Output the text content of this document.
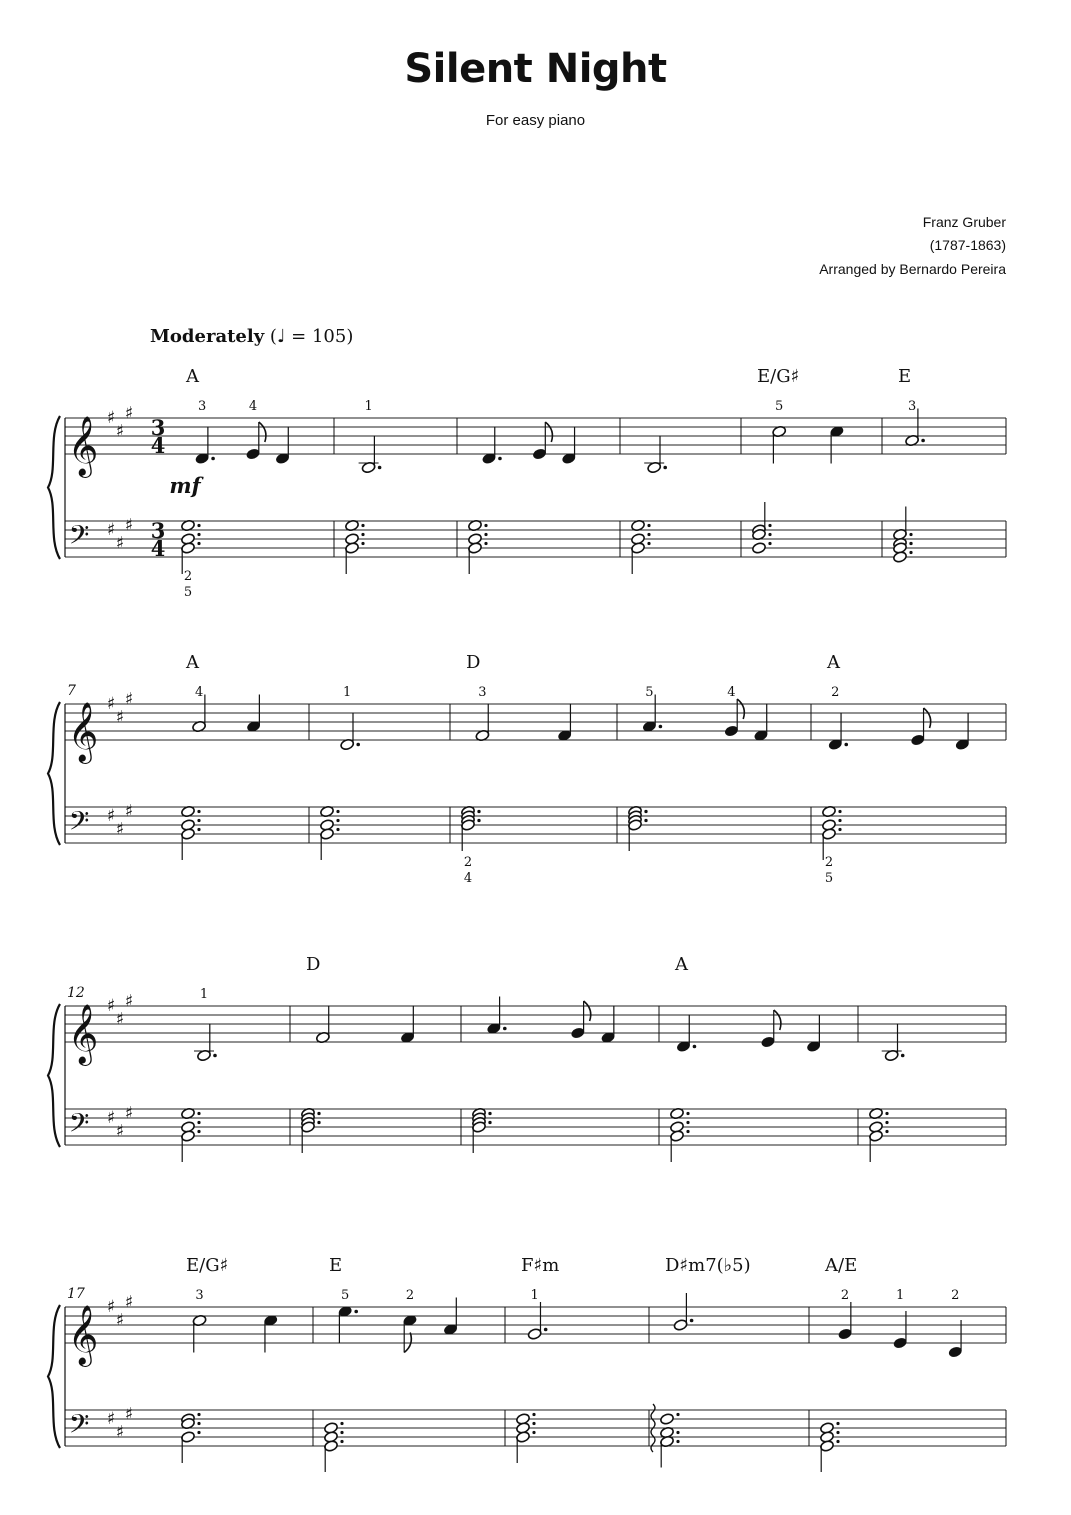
Silent Night
For easy piano
Franz Gruber
(1787-1863)
Arranged by Bernardo Pereira
Moderately (♩ = 105)
𝄞
𝄢
♯
♯
♯
♯
♯
♯
3
4
3
4
mf
A
3	4
2
5
1
E/G♯
5
E
3
𝄞
𝄢
♯
♯
♯
♯
♯
♯
7
A
4	1
D
3
2
4
5	4
A
2
2
5
𝄞
𝄢
♯
♯
♯
♯
♯
♯
12	1
D	A
𝄞
𝄢
♯
♯
♯
♯
♯
♯
17
E/G♯
3
E
5	2
F♯m
1
D♯m7(♭5)	A/E
2	1	2
